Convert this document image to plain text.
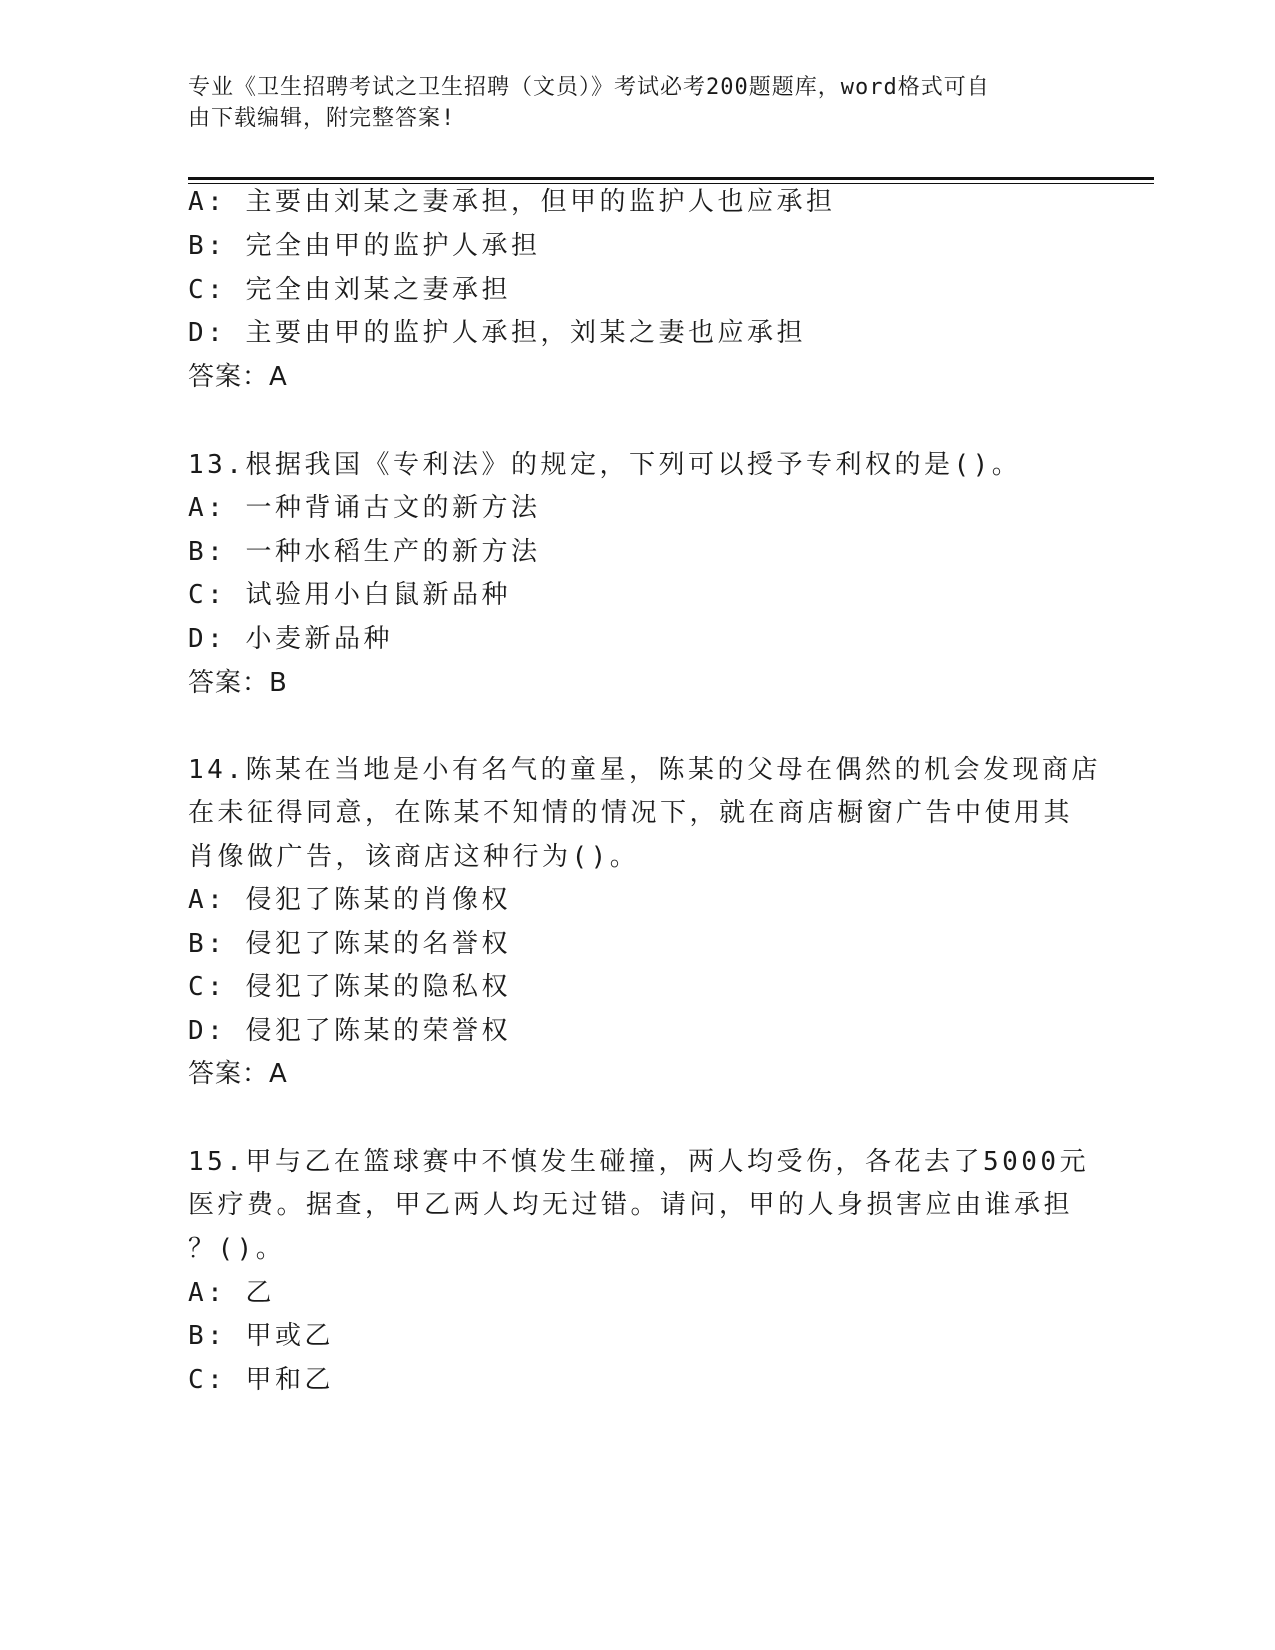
专业《卫生招聘考试之卫生招聘（文员）》考试必考200题题库，word格式可自
由下载编辑，附完整答案!
A: 主要由刘某之妻承担，但甲的监护人也应承担
B: 完全由甲的监护人承担
C: 完全由刘某之妻承担
D: 主要由甲的监护人承担，刘某之妻也应承担
答案：A
13.根据我国《专利法》的规定，下列可以授予专利权的是()。
A: 一种背诵古文的新方法
B: 一种水稻生产的新方法
C: 试验用小白鼠新品种
D: 小麦新品种
答案：B
14.陈某在当地是小有名气的童星，陈某的父母在偶然的机会发现商店
在未征得同意，在陈某不知情的情况下，就在商店橱窗广告中使用其
肖像做广告，该商店这种行为()。
A: 侵犯了陈某的肖像权
B: 侵犯了陈某的名誉权
C: 侵犯了陈某的隐私权
D: 侵犯了陈某的荣誉权
答案：A
15.甲与乙在篮球赛中不慎发生碰撞，两人均受伤，各花去了5000元
医疗费。据查，甲乙两人均无过错。请问，甲的人身损害应由谁承担
？()。
A: 乙
B: 甲或乙
C: 甲和乙
